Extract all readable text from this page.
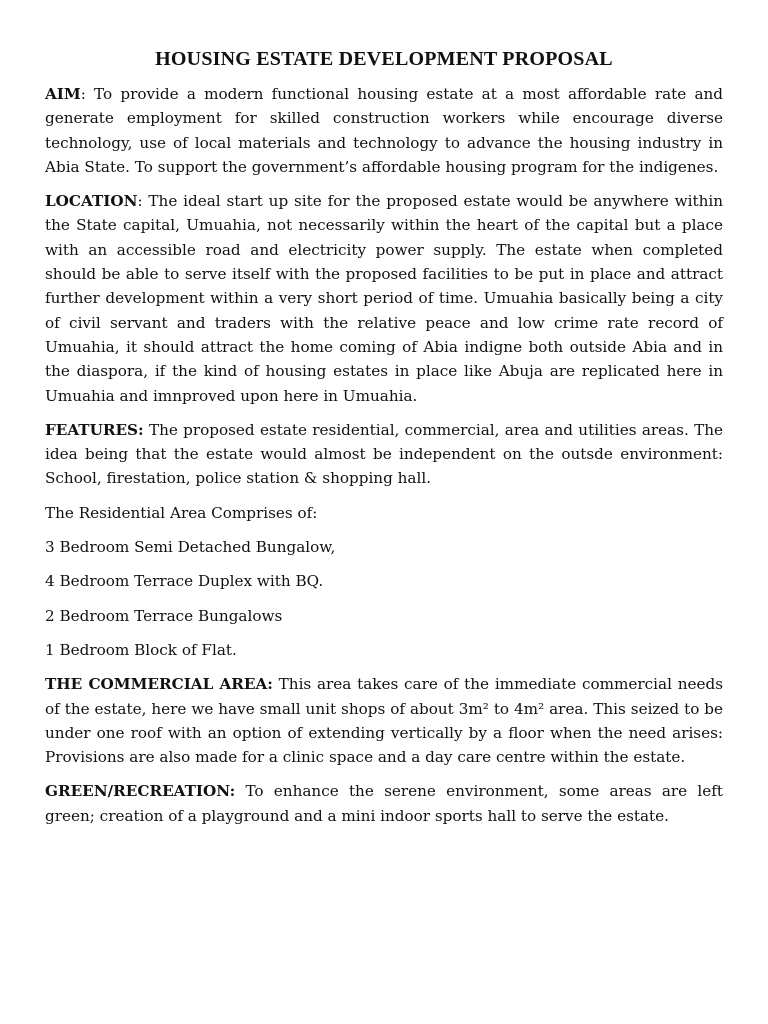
HOUSING ESTATE DEVELOPMENT PROPOSAL

AIM: To provide a modern functional housing estate at a most affordable rate and generate employment for skilled construction workers while encourage diverse technology, use of local materials and technology to advance the housing industry in Abia State. To support the government’s affordable housing program for the indigenes.

LOCATION: The ideal start up site for the proposed estate would be anywhere within the State capital, Umuahia, not necessarily within the heart of the capital but a place with an accessible road and electricity power supply. The estate when completed should be able to serve itself with the proposed facilities to be put in place and attract further development within a very short period of time. Umuahia basically being a city of civil servant and traders with the relative peace and low crime rate record of Umuahia, it should attract the home coming of Abia indigne both outside Abia and in the diaspora, if the kind of housing estates in place like Abuja are replicated here in Umuahia and imnproved upon here in Umuahia.

FEATURES: The proposed estate residential, commercial, area and utilities areas. The idea being that the estate would almost be independent on the outsde environment: School, firestation, police station & shopping hall.

The Residential Area Comprises of:

3 Bedroom Semi Detached Bungalow,

4 Bedroom Terrace Duplex with BQ.

2 Bedroom Terrace Bungalows

1 Bedroom Block of Flat.

THE COMMERCIAL AREA: This area takes care of the immediate commercial needs of the estate, here we have small unit shops of about 3m² to 4m² area. This seized to be under one roof with an option of extending vertically by a floor when the need arises: Provisions are also made for a clinic space and a day care centre within the estate.

GREEN/RECREATION: To enhance the serene environment, some areas are left green; creation of a playground and a mini indoor sports hall to serve the estate.
